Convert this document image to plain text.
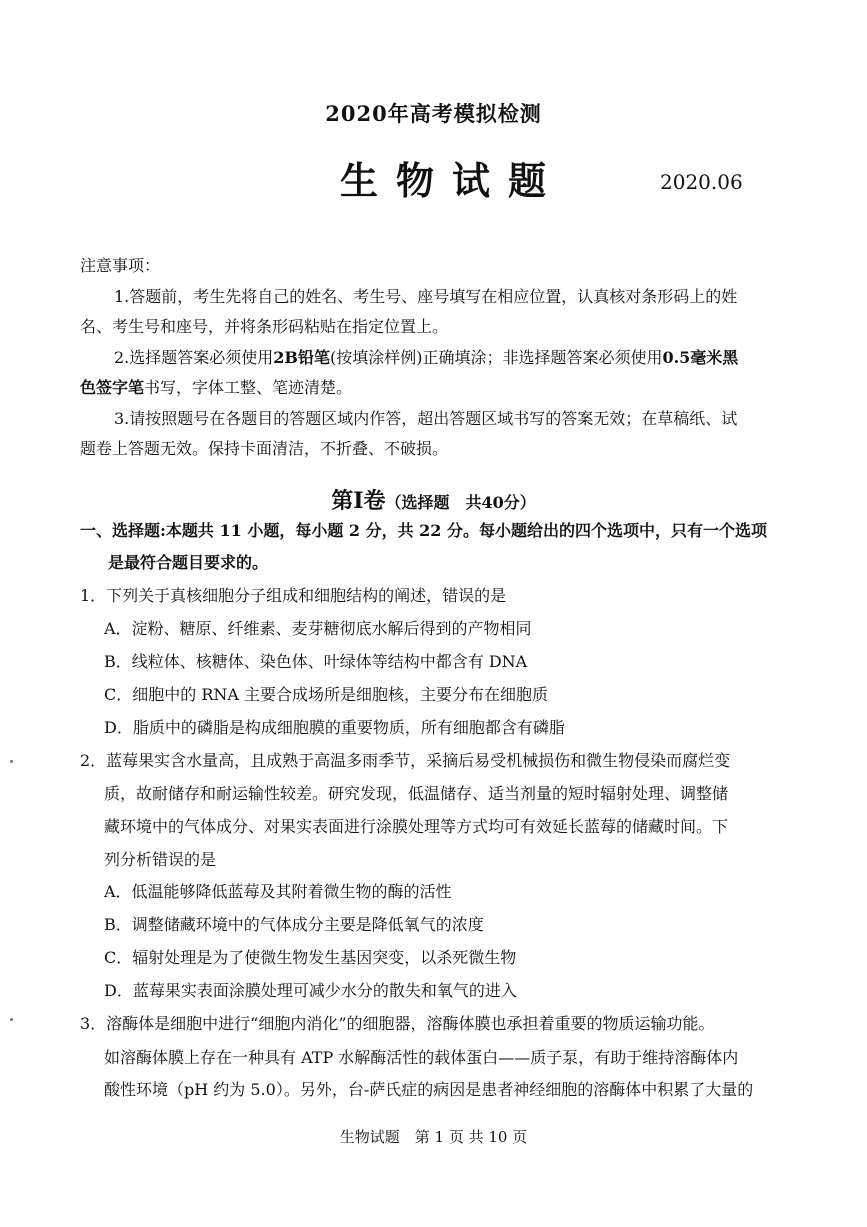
2020年高考模拟检测
生物试题	2020.06
注意事项：
1.答题前，考生先将自己的姓名、考生号、座号填写在相应位置，认真核对条形码上的姓
名、考生号和座号，并将条形码粘贴在指定位置上。
2.选择题答案必须使用2B铅笔(按填涂样例)正确填涂；非选择题答案必须使用0.5毫米黑
色签字笔书写，字体工整、笔迹清楚。
3.请按照题号在各题目的答题区域内作答，超出答题区域书写的答案无效；在草稿纸、试
题卷上答题无效。保持卡面清洁，不折叠、不破损。
第Ⅰ卷（选择题　共40分）
一、选择题:本题共 11 小题，每小题 2 分，共 22 分。每小题给出的四个选项中，只有一个选项
是最符合题目要求的。
1．下列关于真核细胞分子组成和细胞结构的阐述，错误的是
A．淀粉、糖原、纤维素、麦芽糖彻底水解后得到的产物相同
B．线粒体、核糖体、染色体、叶绿体等结构中都含有 DNA
C．细胞中的 RNA 主要合成场所是细胞核，主要分布在细胞质
D．脂质中的磷脂是构成细胞膜的重要物质，所有细胞都含有磷脂
2．蓝莓果实含水量高，且成熟于高温多雨季节，采摘后易受机械损伤和微生物侵染而腐烂变
质，故耐储存和耐运输性较差。研究发现，低温储存、适当剂量的短时辐射处理、调整储
藏环境中的气体成分、对果实表面进行涂膜处理等方式均可有效延长蓝莓的储藏时间。下
列分析错误的是
A．低温能够降低蓝莓及其附着微生物的酶的活性
B．调整储藏环境中的气体成分主要是降低氧气的浓度
C．辐射处理是为了使微生物发生基因突变，以杀死微生物
D．蓝莓果实表面涂膜处理可减少水分的散失和氧气的进入
3．溶酶体是细胞中进行“细胞内消化”的细胞器，溶酶体膜也承担着重要的物质运输功能。
如溶酶体膜上存在一种具有 ATP 水解酶活性的载体蛋白——质子泵，有助于维持溶酶体内
酸性环境（pH 约为 5.0）。另外，台-萨氏症的病因是患者神经细胞的溶酶体中积累了大量的
生物试题　第 1 页 共 10 页
